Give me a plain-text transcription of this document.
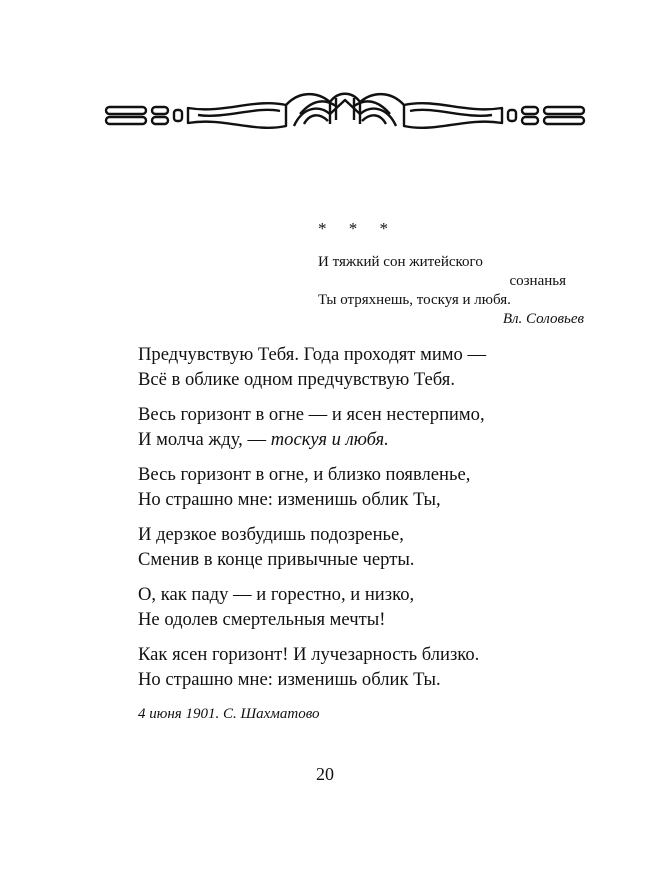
* * *
И тяжкий сон житейского
сознанья
Ты отряхнешь, тоскуя и любя.
Вл. Соловьев
Предчувствую Тебя. Года проходят мимо —
Всё в облике одном предчувствую Тебя.
Весь горизонт в огне — и ясен нестерпимо,
И молча жду, — тоскуя и любя.
Весь горизонт в огне, и близко появленье,
Но страшно мне: изменишь облик Ты,
И дерзкое возбудишь подозренье,
Сменив в конце привычные черты.
О, как паду — и горестно, и низко,
Не одолев смертельныя мечты!
Как ясен горизонт! И лучезарность близко.
Но страшно мне: изменишь облик Ты.
4 июня 1901. С. Шахматово
20
